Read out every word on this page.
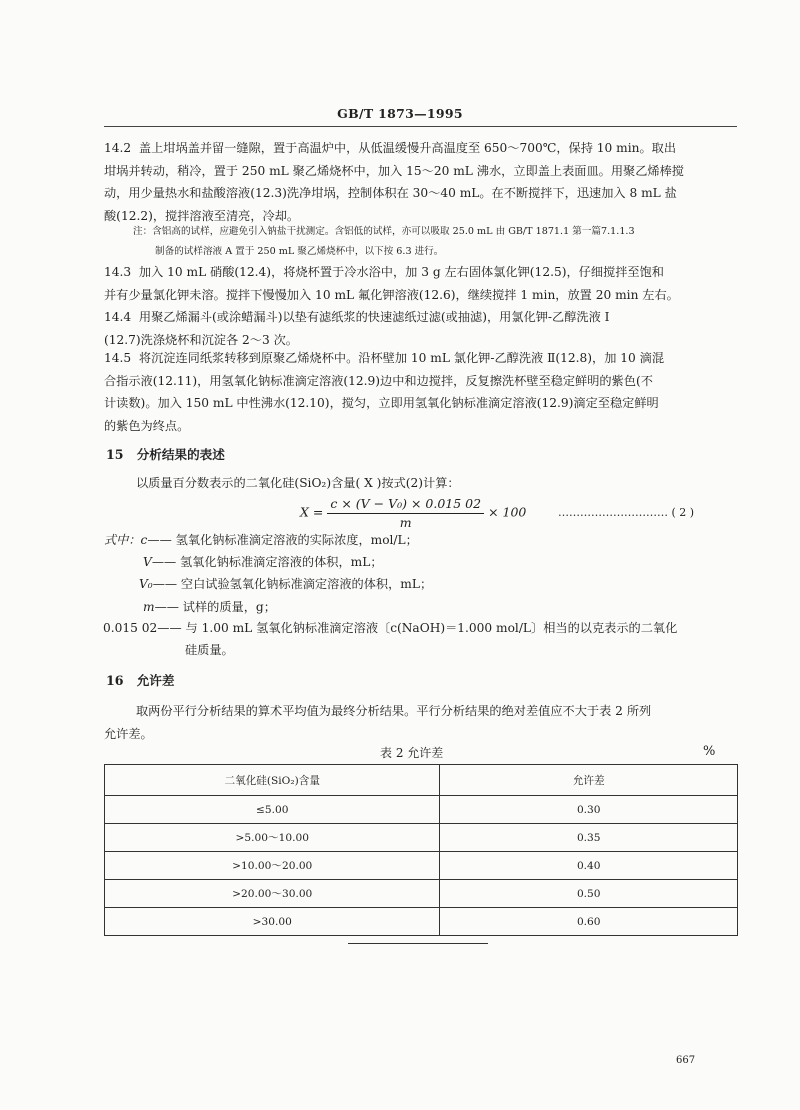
GB/T 1873—1995
14.2 盖上坩埚盖并留一缝隙，置于高温炉中，从低温缓慢升高温度至 650～700℃，保持 10 min。取出
坩埚并转动，稍冷，置于 250 mL 聚乙烯烧杯中，加入 15～20 mL 沸水，立即盖上表面皿。用聚乙烯棒搅
动，用少量热水和盐酸溶液(12.3)洗净坩埚，控制体积在 30～40 mL。在不断搅拌下，迅速加入 8 mL 盐
酸(12.2)，搅拌溶液至清亮，冷却。
注：含铝高的试样，应避免引入钠盐干扰测定。含铝低的试样，亦可以吸取 25.0 mL 由 GB/T 1871.1 第一篇7.1.1.3
制备的试样溶液 A 置于 250 mL 聚乙烯烧杯中，以下按 6.3 进行。
14.3 加入 10 mL 硝酸(12.4)，将烧杯置于冷水浴中，加 3 g 左右固体氯化钾(12.5)，仔细搅拌至饱和
并有少量氯化钾未溶。搅拌下慢慢加入 10 mL 氟化钾溶液(12.6)，继续搅拌 1 min，放置 20 min 左右。
14.4 用聚乙烯漏斗(或涂蜡漏斗)以垫有滤纸浆的快速滤纸过滤(或抽滤)，用氯化钾-乙醇洗液 Ⅰ
(12.7)洗涤烧杯和沉淀各 2～3 次。
14.5 将沉淀连同纸浆转移到原聚乙烯烧杯中。沿杯壁加 10 mL 氯化钾-乙醇洗液 Ⅱ(12.8)，加 10 滴混
合指示液(12.11)，用氢氧化钠标准滴定溶液(12.9)边中和边搅拌，反复擦洗杯壁至稳定鲜明的紫色(不
计读数)。加入 150 mL 中性沸水(12.10)，搅匀，立即用氢氧化钠标准滴定溶液(12.9)滴定至稳定鲜明
的紫色为终点。
15 分析结果的表述
以质量百分数表示的二氧化硅(SiO₂)含量( X )按式(2)计算：
$X = \frac{\text{c × (V − V₀) × 0.015 02}}{m} \times 100$	………………………… ( 2 )
式中：c—— 氢氧化钠标准滴定溶液的实际浓度，mol/L；
V—— 氢氧化钠标准滴定溶液的体积，mL；
V₀—— 空白试验氢氧化钠标准滴定溶液的体积，mL；
m—— 试样的质量，g；
0.015 02—— 与 1.00 mL 氢氧化钠标准滴定溶液〔c(NaOH)＝1.000 mol/L〕相当的以克表示的二氧化
硅质量。
16 允许差
取两份平行分析结果的算术平均值为最终分析结果。平行分析结果的绝对差值应不大于表 2 所列
允许差。
表 2 允许差	%
二氧化硅(SiO₂)含量	允许差
≤5.00	0.30
>5.00～10.00	0.35
>10.00～20.00	0.40
>20.00～30.00	0.50
>30.00	0.60
667
